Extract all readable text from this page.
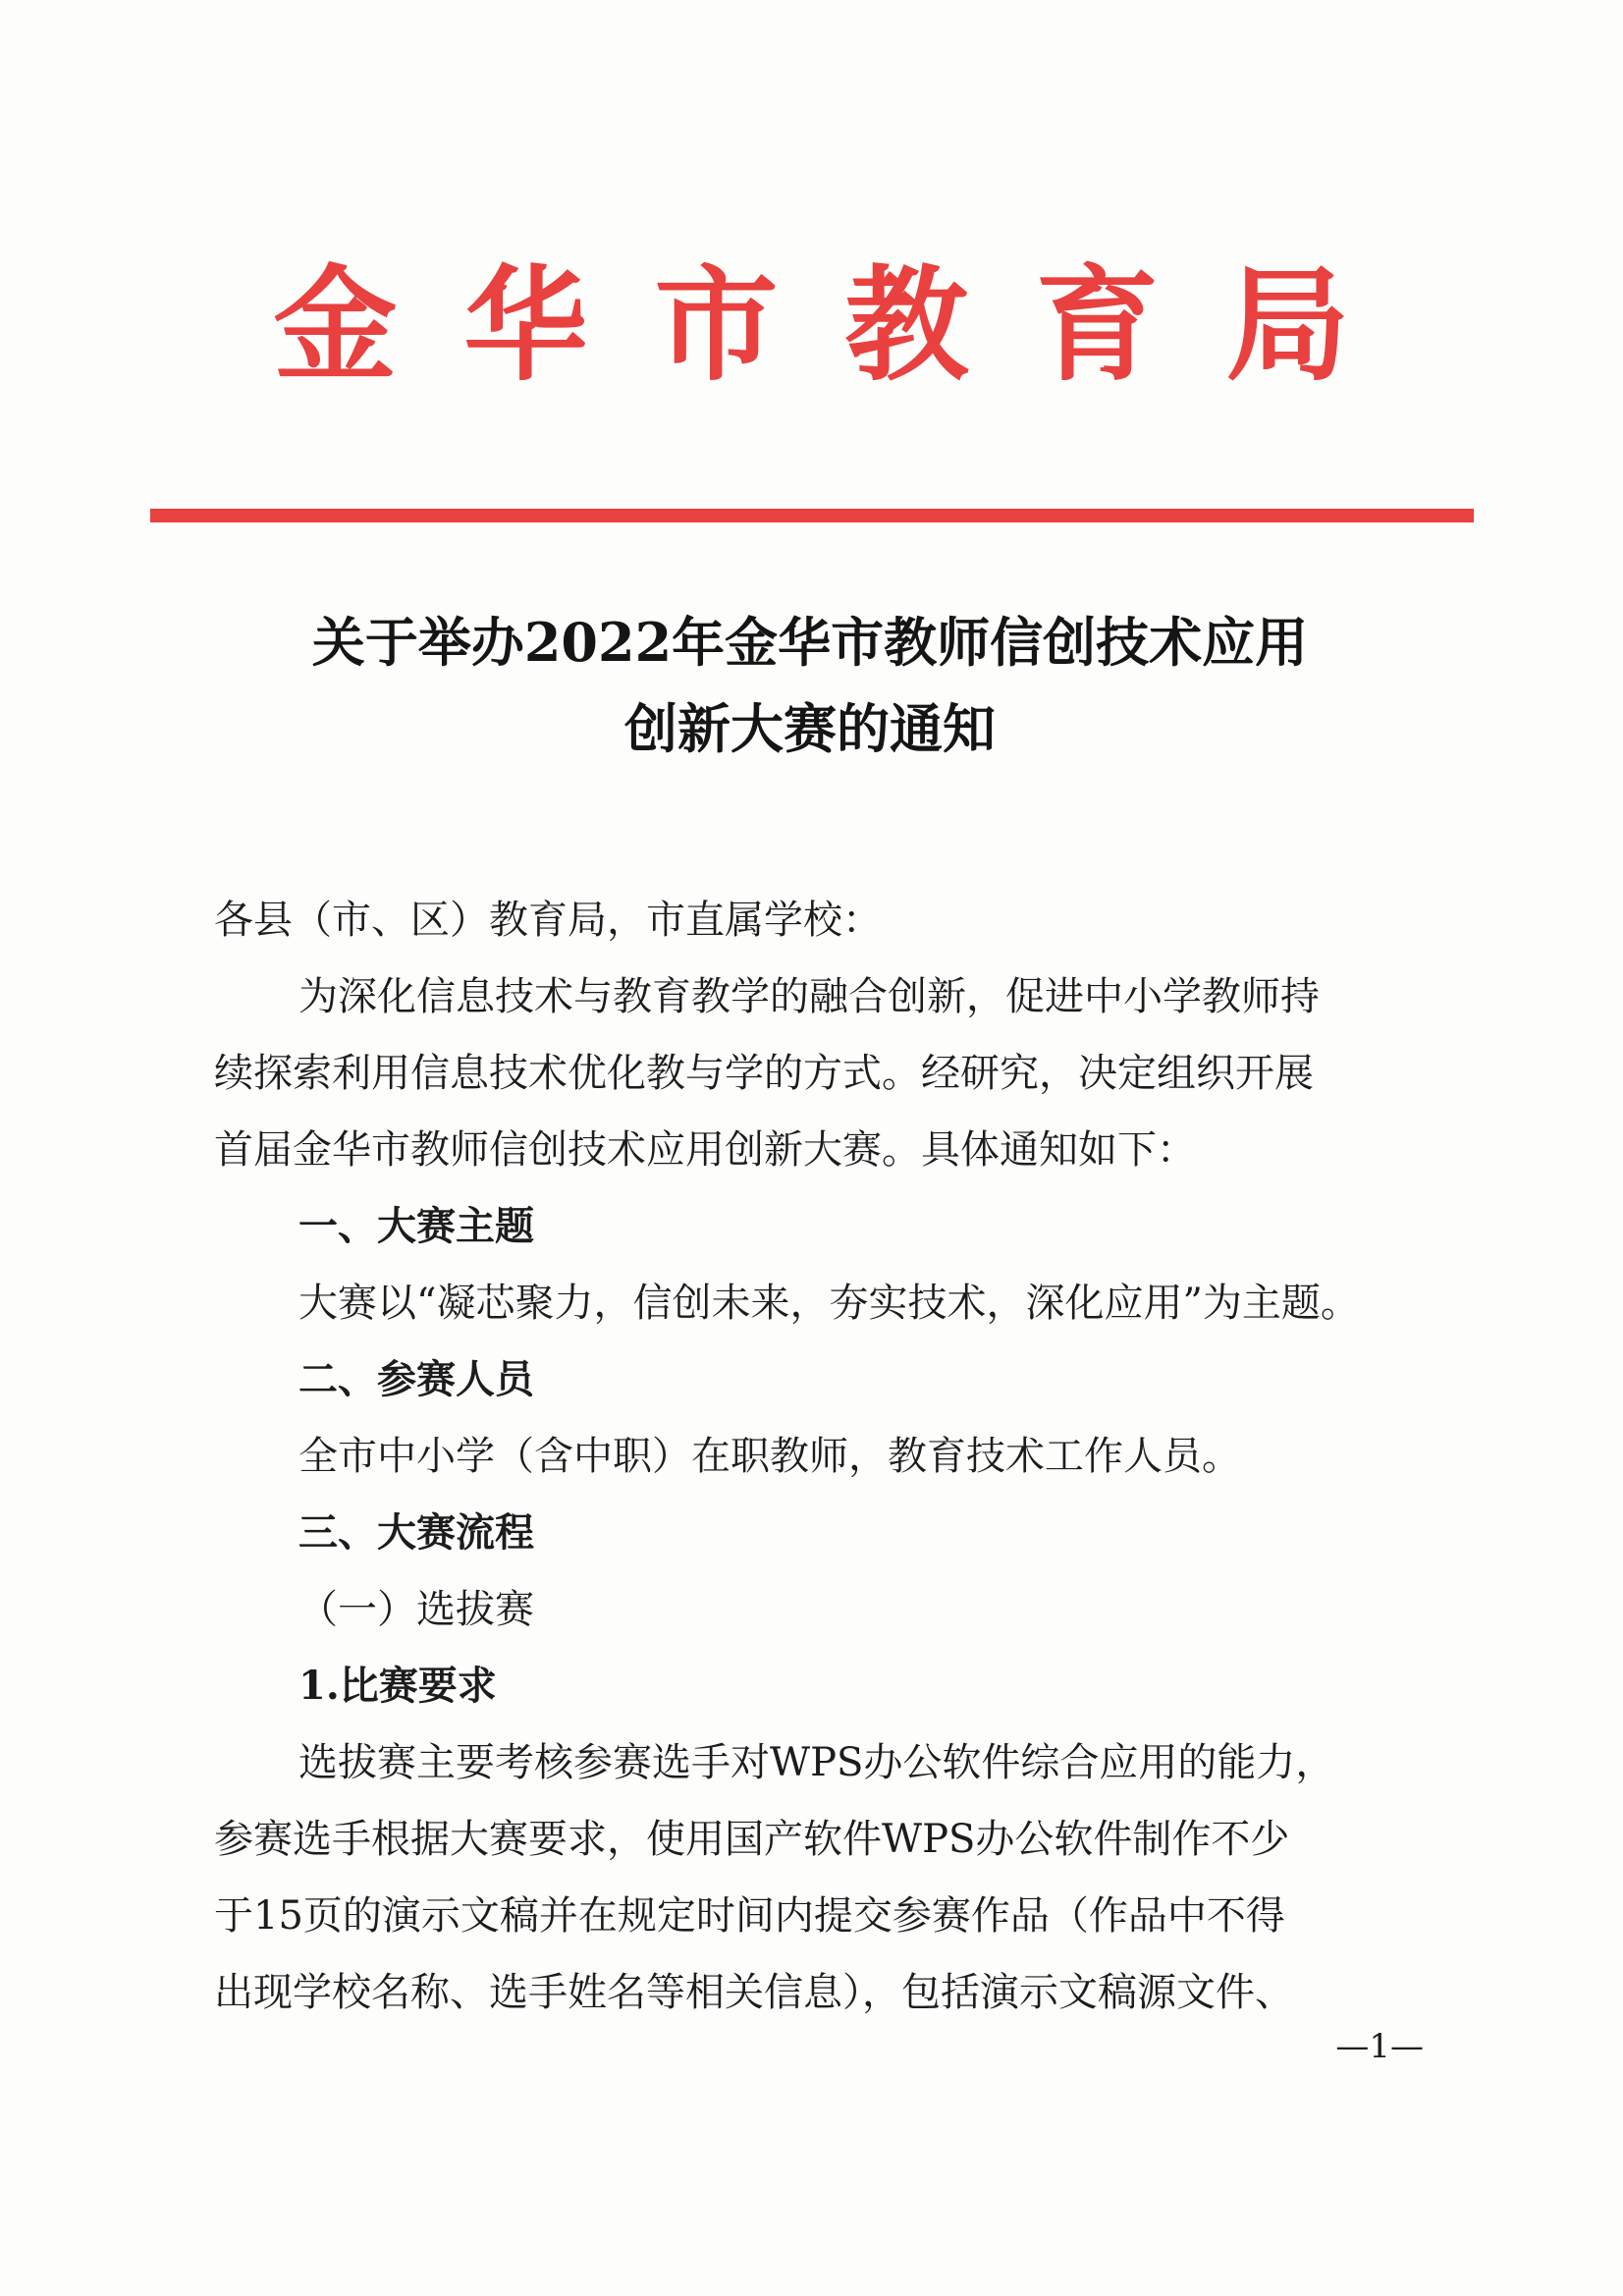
金华市教育局
关于举办2022年金华市教师信创技术应用
创新大赛的通知
各县（市、区）教育局，市直属学校：
为深化信息技术与教育教学的融合创新，促进中小学教师持
续探索利用信息技术优化教与学的方式。经研究，决定组织开展
首届金华市教师信创技术应用创新大赛。具体通知如下：
一、大赛主题
大赛以“凝芯聚力，信创未来，夯实技术，深化应用”为主题。
二、参赛人员
全市中小学（含中职）在职教师，教育技术工作人员。
三、大赛流程
（一）选拔赛
1.比赛要求
选拔赛主要考核参赛选手对WPS办公软件综合应用的能力，
参赛选手根据大赛要求，使用国产软件WPS办公软件制作不少
于15页的演示文稿并在规定时间内提交参赛作品（作品中不得
出现学校名称、选手姓名等相关信息），包括演示文稿源文件、
—1—
